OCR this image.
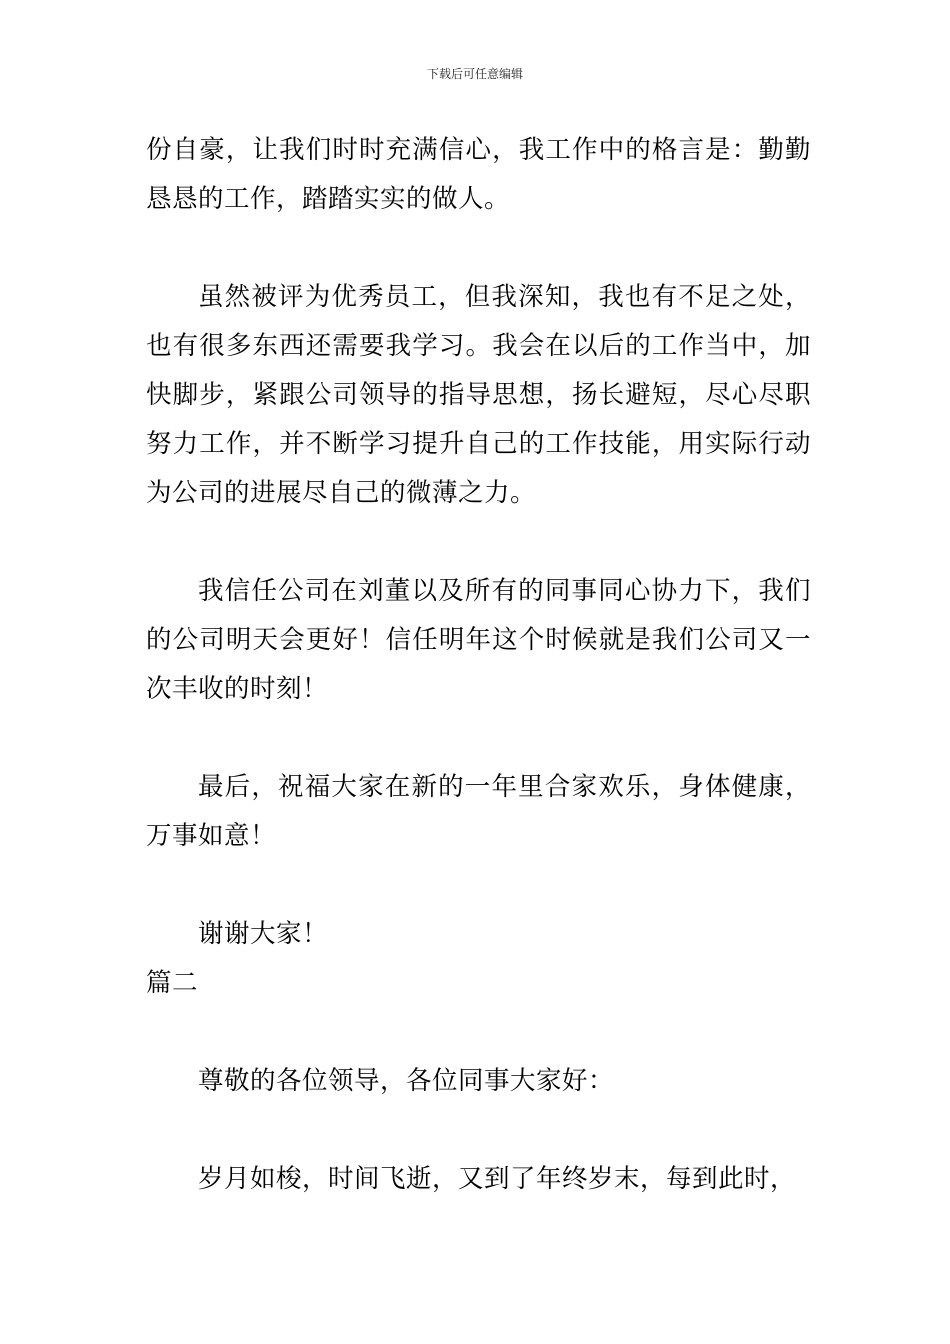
下载后可任意编辑

份自豪，让我们时时充满信心，我工作中的格言是：勤勤恳恳的工作，踏踏实实的做人。

虽然被评为优秀员工，但我深知，我也有不足之处，也有很多东西还需要我学习。我会在以后的工作当中，加快脚步，紧跟公司领导的指导思想，扬长避短，尽心尽职努力工作，并不断学习提升自己的工作技能，用实际行动为公司的进展尽自己的微薄之力。

我信任公司在刘董以及所有的同事同心协力下，我们的公司明天会更好！信任明年这个时候就是我们公司又一次丰收的时刻！

最后，祝福大家在新的一年里合家欢乐，身体健康，万事如意！

谢谢大家！

篇二

尊敬的各位领导，各位同事大家好：

岁月如梭，时间飞逝，又到了年终岁末，每到此时，
